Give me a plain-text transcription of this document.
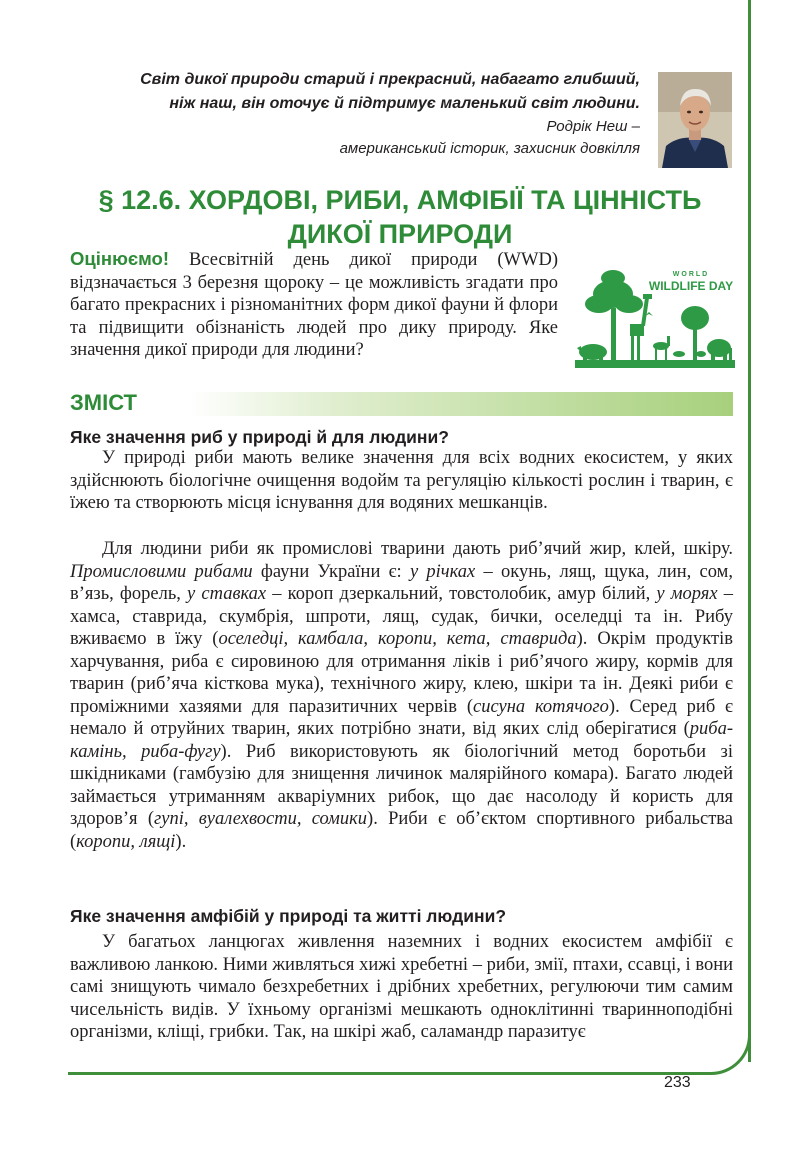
233
Світ дикої природи старий і прекрасний, набагато глибший,
ніж наш, він оточує й підтримує маленький світ людини.
Родрік Неш –
американський історик, захисник довкілля
§ 12.6. ХОРДОВІ, РИБИ, АМФІБІЇ ТА ЦІННІСТЬ
ДИКОЇ ПРИРОДИ
Оцінюємо! Всесвітній день дикої природи (WWD) відзначається 3 березня щороку – це можливість згадати про багато прекрасних і різноманітних форм дикої фауни й флори та підвищити обізнаність людей про дику природу. Яке значення дикої природи для людини?
WORLD
WILDLIFE DAY
ЗМІСТ
Яке значення риб у природі й для людини?

У природі риби мають велике значення для всіх водних екосистем, у яких здійснюють біологічне очищення водойм та регуляцію кількості рослин і тварин, є їжею та створюють місця існування для водяних мешканців.

Для людини риби як промислові тварини дають риб’ячий жир, клей, шкіру. Промисловими рибами фауни України є: у річках – окунь, лящ, щука, лин, сом, в’язь, форель, у ставках – короп дзеркальний, товстолобик, амур білий, у морях – хамса, ставрида, скумбрія, шпроти, лящ, судак, бички, оселедці та ін. Рибу вживаємо в їжу (оселедці, камбала, коропи, кета, ставрида). Окрім продуктів харчування, риба є сировиною для отримання ліків і риб’ячого жиру, кормів для тварин (риб’яча кісткова мука), технічного жиру, клею, шкіри та ін. Деякі риби є проміжними хазяями для паразитичних червів (сисуна котячого). Серед риб є немало й отруйних тварин, яких потрібно знати, від яких слід оберігатися (риба-камінь, риба-фугу). Риб використовують як біологічний метод боротьби зі шкідниками (гамбузію для знищення личинок малярійного комара). Багато людей займається утриманням акваріумних рибок, що дає насолоду й користь для здоров’я (гупі, вуалехвости, сомики). Риби є об’єктом спортивного рибальства (коропи, лящі).

Яке значення амфібій у природі та житті людини?

У багатьох ланцюгах живлення наземних і водних екосистем амфібії є важливою ланкою. Ними живляться хижі хребетні – риби, змії, птахи, ссавці, і вони самі знищують чимало безхребетних і дрібних хребетних, регулюючи тим самим чисельність видів. У їхньому організмі мешкають одноклітинні тваринноподібні організми, кліщі, грибки. Так, на шкірі жаб, саламандр паразитує
